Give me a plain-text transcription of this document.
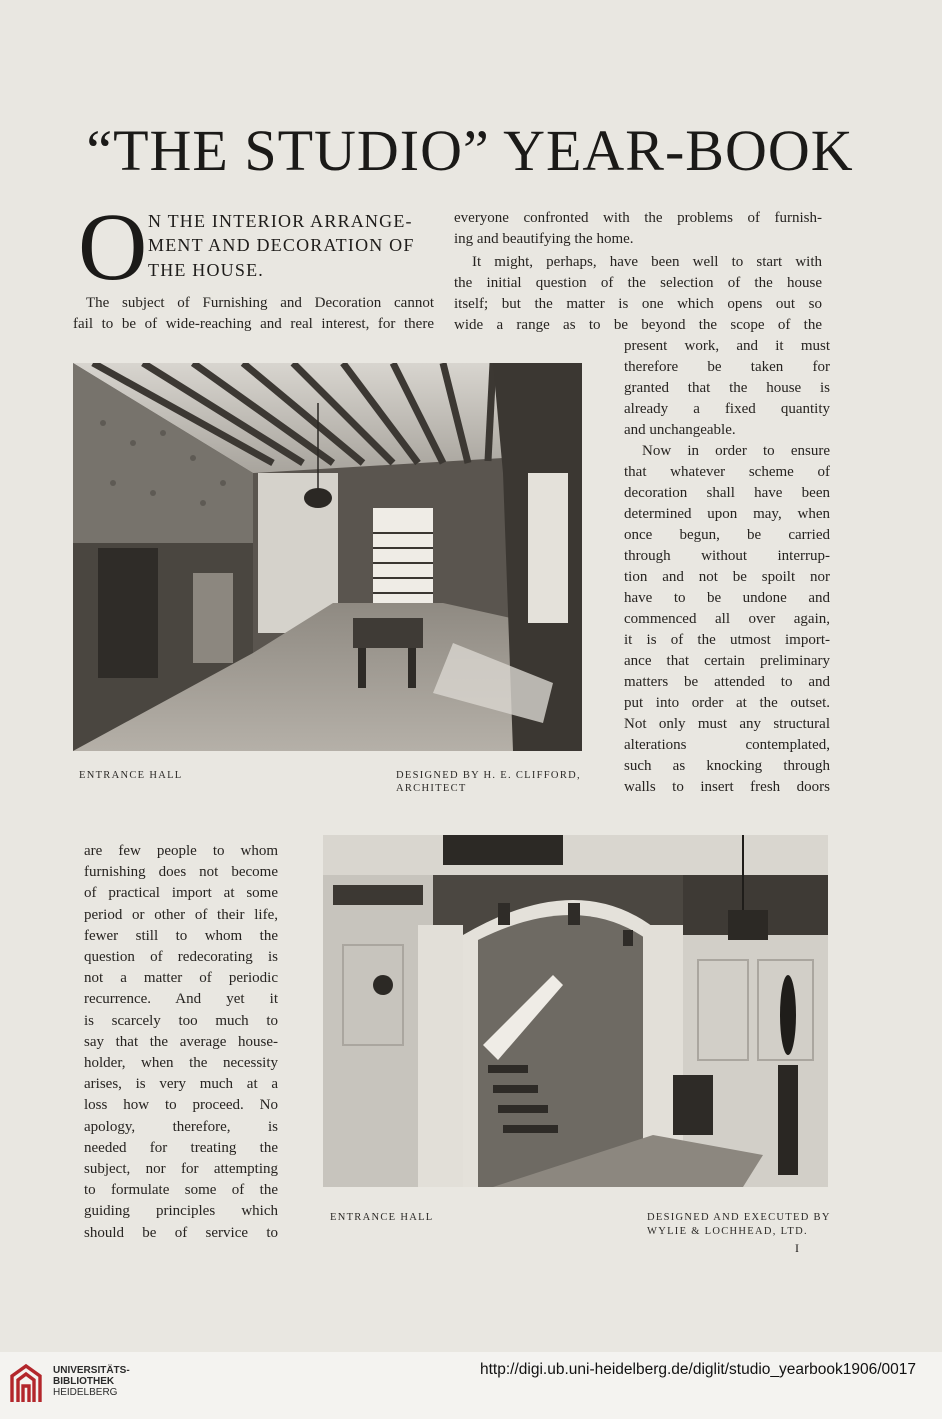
“THE STUDIO” YEAR-BOOK
O N THE INTERIOR ARRANGE-
MENT AND DECORATION OF
THE HOUSE.
The subject of Furnishing and Decoration cannot
fail to be of wide-reaching and real interest, for there
everyone confronted with the problems of furnish-
ing and beautifying the home.
It might, perhaps, have been well to start with
the initial question of the selection of the house
itself; but the matter is one which opens out so
wide a range as to be beyond the scope of the
present work, and it must
therefore be taken for
granted that the house is
already a fixed quantity
and unchangeable.
Now in order to ensure
that whatever scheme of
decoration shall have been
determined upon may, when
once begun, be carried
through without interrup-
tion and not be spoilt nor
have to be undone and
commenced all over again,
it is of the utmost import-
ance that certain preliminary
matters be attended to and
put into order at the outset.
Not only must any structural
alterations contemplated,
such as knocking through
walls to insert fresh doors
ENTRANCE HALL	DESIGNED BY H. E. CLIFFORD,
ARCHITECT
are few people to whom
furnishing does not become
of practical import at some
period or other of their life,
fewer still to whom the
question of redecorating is
not a matter of periodic
recurrence. And yet it
is scarcely too much to
say that the average house-
holder, when the necessity
arises, is very much at a
loss how to proceed. No
apology, therefore, is
needed for treating the
subject, nor for attempting
to formulate some of the
guiding principles which
should be of service to
ENTRANCE HALL	DESIGNED AND EXECUTED BY
WYLIE & LOCHHEAD, LTD.
I
UNIVERSITÄTS-
BIBLIOTHEK
HEIDELBERG
http://digi.ub.uni-heidelberg.de/diglit/studio_yearbook1906/0017
